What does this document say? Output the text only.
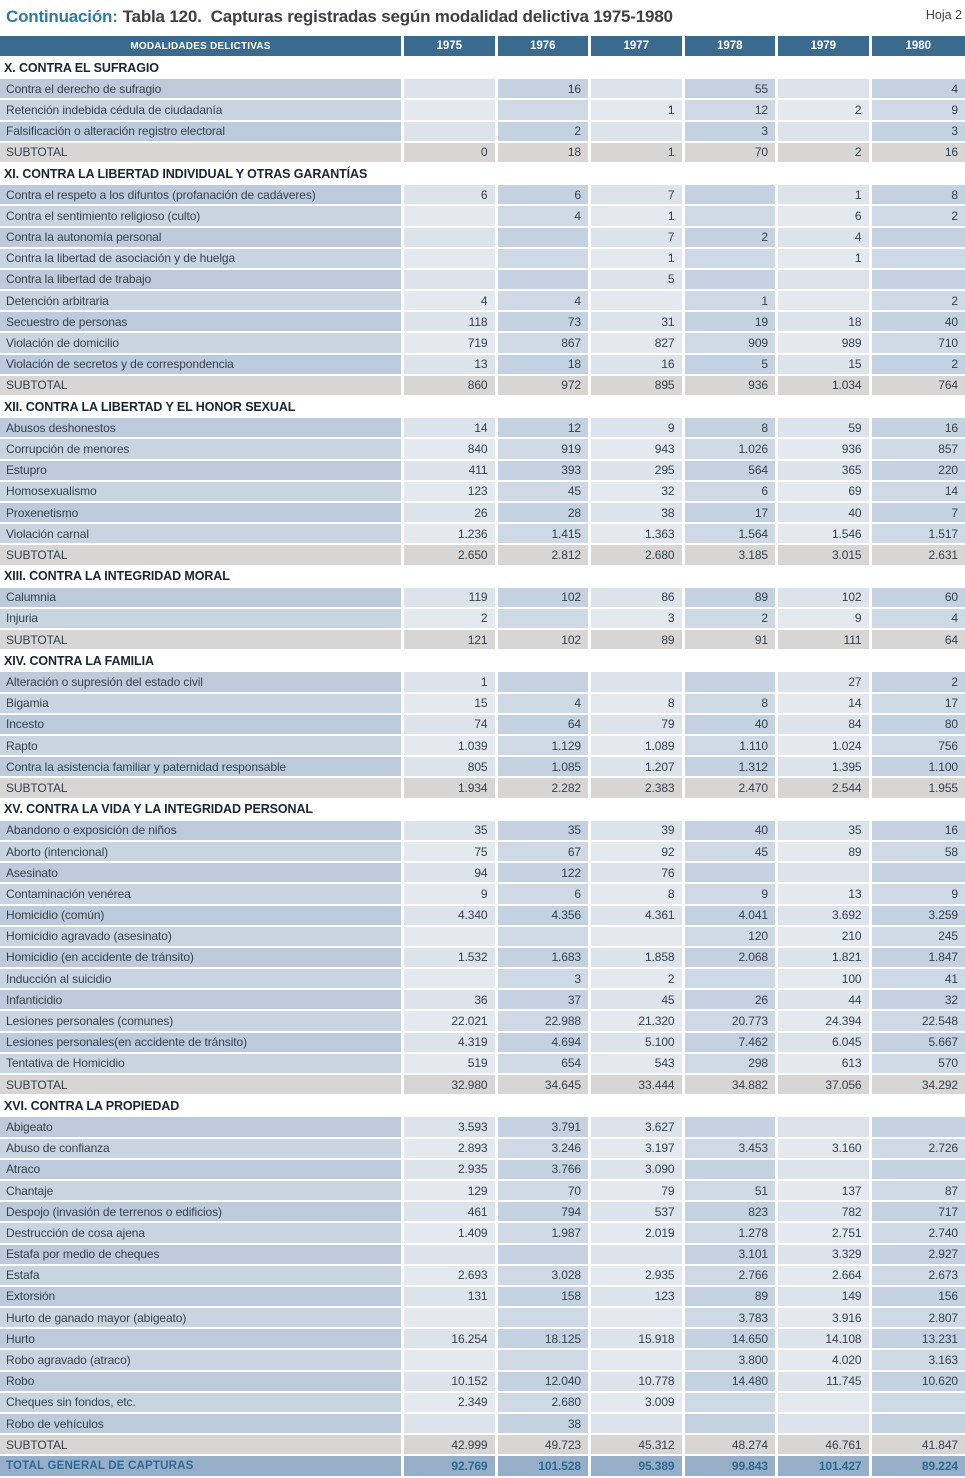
Continuación: Tabla 120. Capturas registradas según modalidad delictiva 1975-1980	Hoja 2
MODALIDADES DELICTIVAS	1975	1976	1977	1978	1979	1980
X. CONTRA EL SUFRAGIO						
Contra el derecho de sufragio		16		55		4
Retención indebida cédula de ciudadanía			1	12	2	9
Falsificación o alteración registro electoral		2		3		3
SUBTOTAL	0	18	1	70	2	16
XI. CONTRA LA LIBERTAD INDIVIDUAL Y OTRAS GARANTÍAS						
Contra el respeto a los difuntos (profanación de cadáveres)	6	6	7		1	8
Contra el sentimiento religioso (culto)		4	1		6	2
Contra la autonomía personal			7	2	4	
Contra la libertad de asociación y de huelga			1		1	
Contra la libertad de trabajo			5			
Detención arbitraria	4	4		1		2
Secuestro de personas	118	73	31	19	18	40
Violación de domicilio	719	867	827	909	989	710
Violación de secretos y de correspondencia	13	18	16	5	15	2
SUBTOTAL	860	972	895	936	1.034	764
XII. CONTRA LA LIBERTAD Y EL HONOR SEXUAL						
Abusos deshonestos	14	12	9	8	59	16
Corrupción de menores	840	919	943	1.026	936	857
Estupro	411	393	295	564	365	220
Homosexualismo	123	45	32	6	69	14
Proxenetismo	26	28	38	17	40	7
Violación carnal	1.236	1.415	1.363	1.564	1.546	1.517
SUBTOTAL	2.650	2.812	2.680	3.185	3.015	2.631
XIII. CONTRA LA INTEGRIDAD MORAL						
Calumnia	119	102	86	89	102	60
Injuria	2		3	2	9	4
SUBTOTAL	121	102	89	91	111	64
XIV. CONTRA LA FAMILIA						
Alteración o supresión del estado civil	1				27	2
Bigamia	15	4	8	8	14	17
Incesto	74	64	79	40	84	80
Rapto	1.039	1.129	1.089	1.110	1.024	756
Contra la asistencia familiar y paternidad responsable	805	1.085	1.207	1.312	1.395	1.100
SUBTOTAL	1.934	2.282	2.383	2.470	2.544	1.955
XV. CONTRA LA VIDA Y LA INTEGRIDAD PERSONAL						
Abandono o exposición de niños	35	35	39	40	35	16
Aborto (intencional)	75	67	92	45	89	58
Asesinato	94	122	76			
Contaminación venérea	9	6	8	9	13	9
Homicidio (común)	4.340	4.356	4.361	4.041	3.692	3.259
Homicidio agravado (asesinato)				120	210	245
Homicidio (en accidente de tránsito)	1.532	1.683	1.858	2.068	1.821	1.847
Inducción al suicidio		3	2		100	41
Infanticidio	36	37	45	26	44	32
Lesiones personales (comunes)	22.021	22.988	21.320	20.773	24.394	22.548
Lesiones personales(en accidente de tránsito)	4.319	4.694	5.100	7.462	6.045	5.667
Tentativa de Homicidio	519	654	543	298	613	570
SUBTOTAL	32.980	34.645	33.444	34.882	37.056	34.292
XVI. CONTRA LA PROPIEDAD						
Abigeato	3.593	3.791	3.627			
Abuso de confianza	2.893	3.246	3.197	3.453	3.160	2.726
Atraco	2.935	3.766	3.090			
Chantaje	129	70	79	51	137	87
Despojo (invasión de terrenos o edificios)	461	794	537	823	782	717
Destrucción de cosa ajena	1.409	1.987	2.019	1.278	2.751	2.740
Estafa por medio de cheques				3.101	3.329	2.927
Estafa	2.693	3.028	2.935	2.766	2.664	2.673
Extorsión	131	158	123	89	149	156
Hurto de ganado mayor (abigeato)				3.783	3.916	2.807
Hurto	16.254	18.125	15.918	14.650	14.108	13.231
Robo agravado (atraco)				3.800	4.020	3.163
Robo	10.152	12.040	10.778	14.480	11.745	10.620
Cheques sin fondos, etc.	2.349	2.680	3.009			
Robo de vehículos		38				
SUBTOTAL	42.999	49.723	45.312	48.274	46.761	41.847
TOTAL GENERAL DE CAPTURAS	92.769	101.528	95.389	99.843	101.427	89.224
